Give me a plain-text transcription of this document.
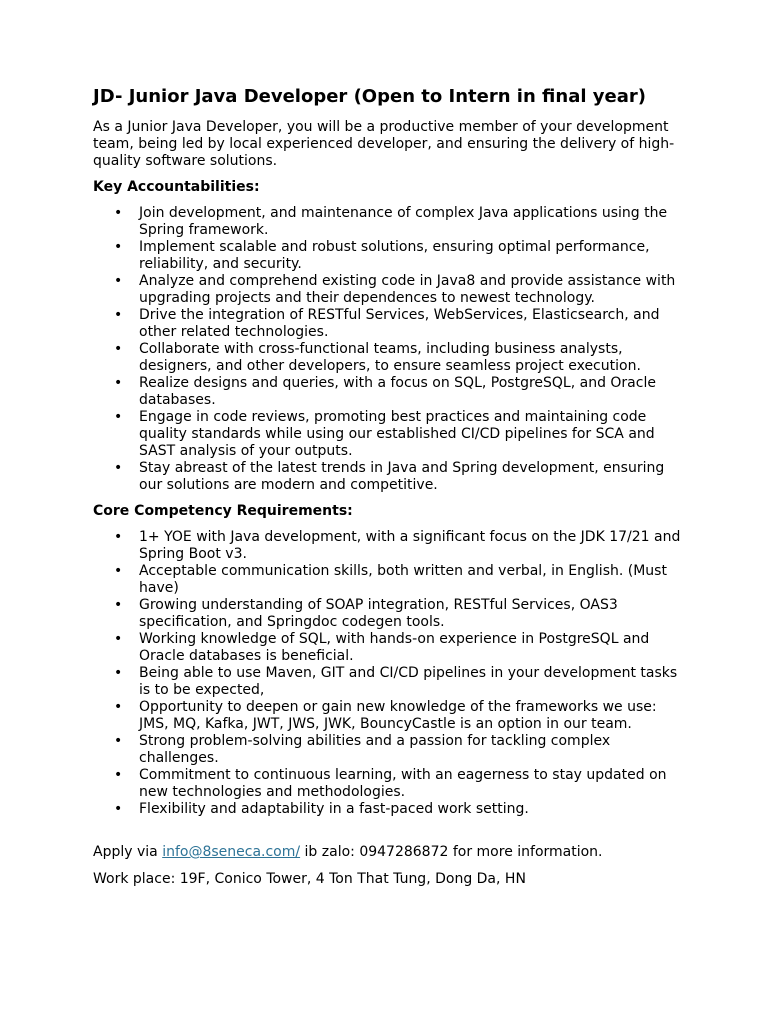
JD- Junior Java Developer (Open to Intern in final year)

As a Junior Java Developer, you will be a productive member of your development team, being led by local experienced developer, and ensuring the delivery of high-quality software solutions.

Key Accountabilities:

• Join development, and maintenance of complex Java applications using the Spring framework.
• Implement scalable and robust solutions, ensuring optimal performance, reliability, and security.
• Analyze and comprehend existing code in Java8 and provide assistance with upgrading projects and their dependences to newest technology.
• Drive the integration of RESTful Services, WebServices, Elasticsearch, and other related technologies.
• Collaborate with cross-functional teams, including business analysts, designers, and other developers, to ensure seamless project execution.
• Realize designs and queries, with a focus on SQL, PostgreSQL, and Oracle databases.
• Engage in code reviews, promoting best practices and maintaining code quality standards while using our established CI/CD pipelines for SCA and SAST analysis of your outputs.
• Stay abreast of the latest trends in Java and Spring development, ensuring our solutions are modern and competitive.

Core Competency Requirements:

• 1+ YOE with Java development, with a significant focus on the JDK 17/21 and Spring Boot v3.
• Acceptable communication skills, both written and verbal, in English. (Must have)
• Growing understanding of SOAP integration, RESTful Services, OAS3 specification, and Springdoc codegen tools.
• Working knowledge of SQL, with hands-on experience in PostgreSQL and Oracle databases is beneficial.
• Being able to use Maven, GIT and CI/CD pipelines in your development tasks is to be expected,
• Opportunity to deepen or gain new knowledge of the frameworks we use: JMS, MQ, Kafka, JWT, JWS, JWK, BouncyCastle is an option in our team.
• Strong problem-solving abilities and a passion for tackling complex challenges.
• Commitment to continuous learning, with an eagerness to stay updated on new technologies and methodologies.
• Flexibility and adaptability in a fast-paced work setting.

Apply via info@8seneca.com/ ib zalo: 0947286872 for more information.

Work place: 19F, Conico Tower, 4 Ton That Tung, Dong Da, HN
